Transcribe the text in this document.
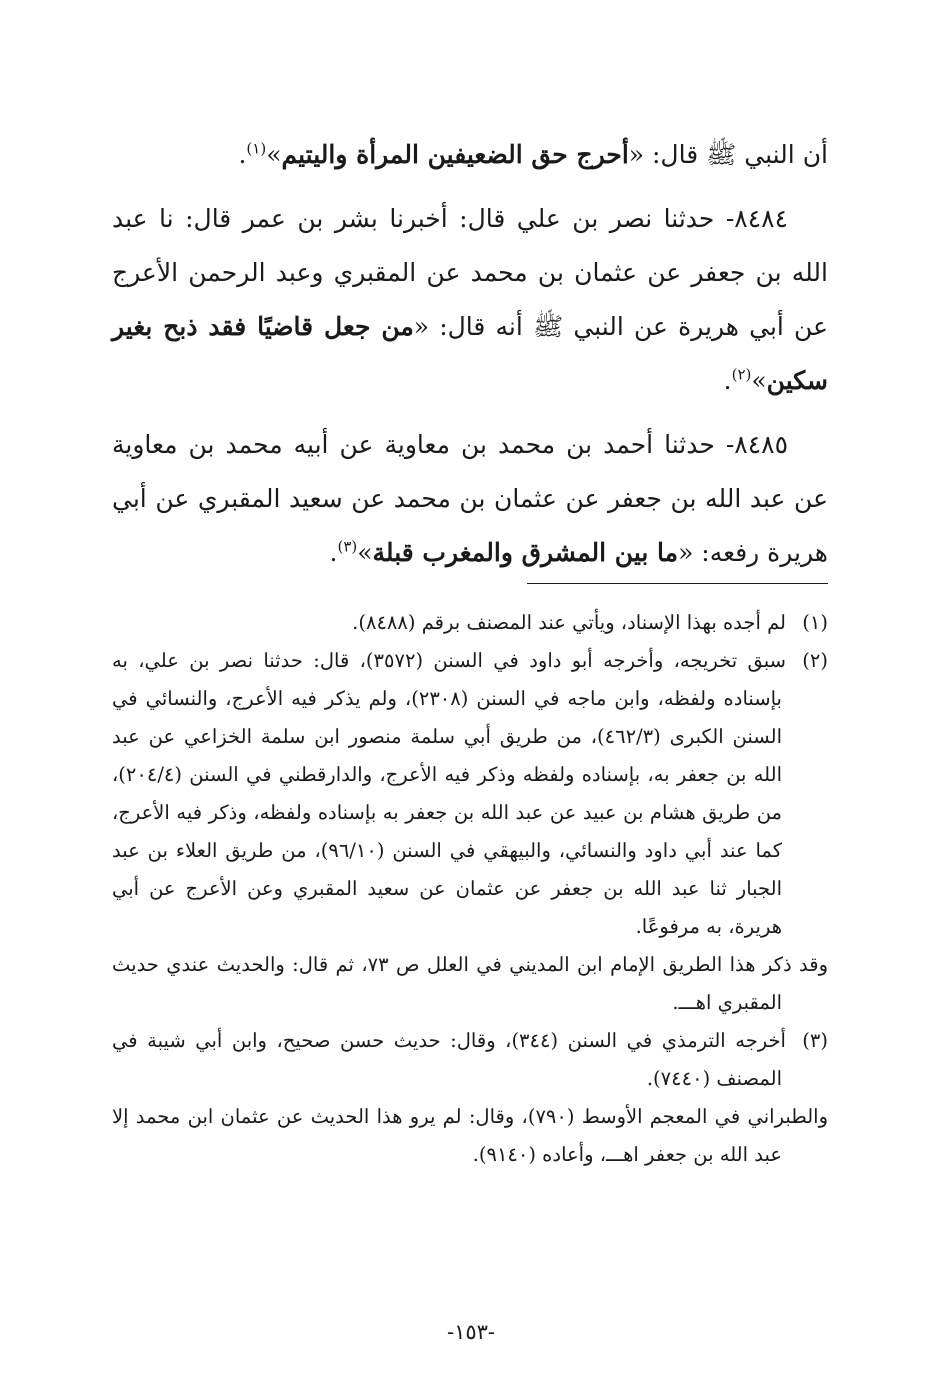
أن النبي ﷺ قال: «أحرج حق الضعيفين المرأة واليتيم»$^{(١)}$.

٨٤٨٤- حدثنا نصر بن علي قال: أخبرنا بشر بن عمر قال: نا عبد الله بن جعفر عن عثمان بن محمد عن المقبري وعبد الرحمن الأعرج عن أبي هريرة عن النبي ﷺ أنه قال: «من جعل قاضيًا فقد ذبح بغير سكين»$^{(٢)}$.

٨٤٨٥- حدثنا أحمد بن محمد بن معاوية عن أبيه محمد بن معاوية عن عبد الله بن جعفر عن عثمان بن محمد عن سعيد المقبري عن أبي هريرة رفعه: «ما بين المشرق والمغرب قبلة»$^{(٣)}$.

(١)لم أجده بهذا الإسناد، ويأتي عند المصنف برقم (٨٤٨٨).

(٢)سبق تخريجه، وأخرجه أبو داود في السنن (٣٥٧٢)، قال: حدثنا نصر بن علي، به بإسناده ولفظه، وابن ماجه في السنن (٢٣٠٨)، ولم يذكر فيه الأعرج، والنسائي في السنن الكبرى (٤٦٢/٣)، من طريق أبي سلمة منصور ابن سلمة الخزاعي عن عبد الله بن جعفر به، بإسناده ولفظه وذكر فيه الأعرج، والدارقطني في السنن (٢٠٤/٤)، من طريق هشام بن عبيد عن عبد الله بن جعفر به بإسناده ولفظه، وذكر فيه الأعرج، كما عند أبي داود والنسائي، والبيهقي في السنن (٩٦/١٠)، من طريق العلاء بن عبد الجبار ثنا عبد الله بن جعفر عن عثمان عن سعيد المقبري وعن الأعرج عن أبي هريرة، به مرفوعًا.

وقد ذكر هذا الطريق الإمام ابن المديني في العلل ص ٧٣، ثم قال: والحديث عندي حديث المقبري اهـــ.

(٣)أخرجه الترمذي في السنن (٣٤٤)، وقال: حديث حسن صحيح، وابن أبي شيبة في المصنف (٧٤٤٠).

والطبراني في المعجم الأوسط (٧٩٠)، وقال: لم يرو هذا الحديث عن عثمان ابن محمد إلا عبد الله بن جعفر اهـــ، وأعاده (٩١٤٠).

-١٥٣-
